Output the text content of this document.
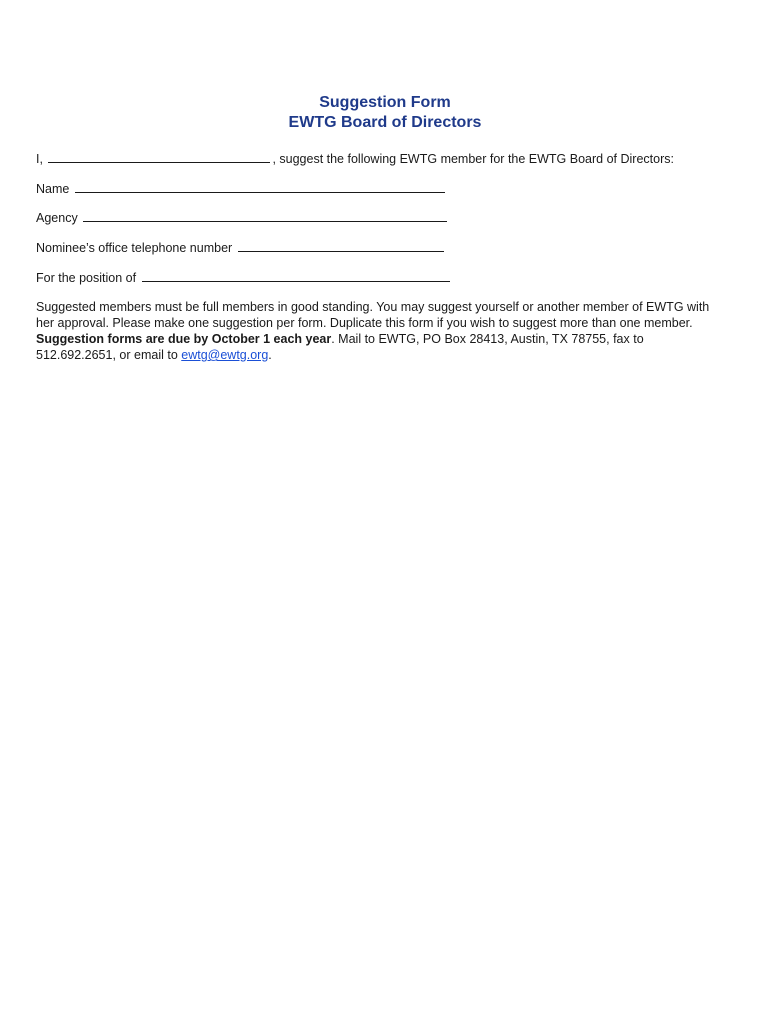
Suggestion Form
EWTG Board of Directors
I,	, suggest the following EWTG member for the EWTG Board of Directors:
Name
Agency
Nominee’s office telephone number
For the position of

Suggested members must be full members in good standing. You may suggest yourself or another member of EWTG with her approval. Please make one suggestion per form. Duplicate this form if you wish to suggest more than one member. Suggestion forms are due by October 1 each year. Mail to EWTG, PO Box 28413, Austin, TX 78755, fax to 512.692.2651, or email to ewtg@ewtg.org.
